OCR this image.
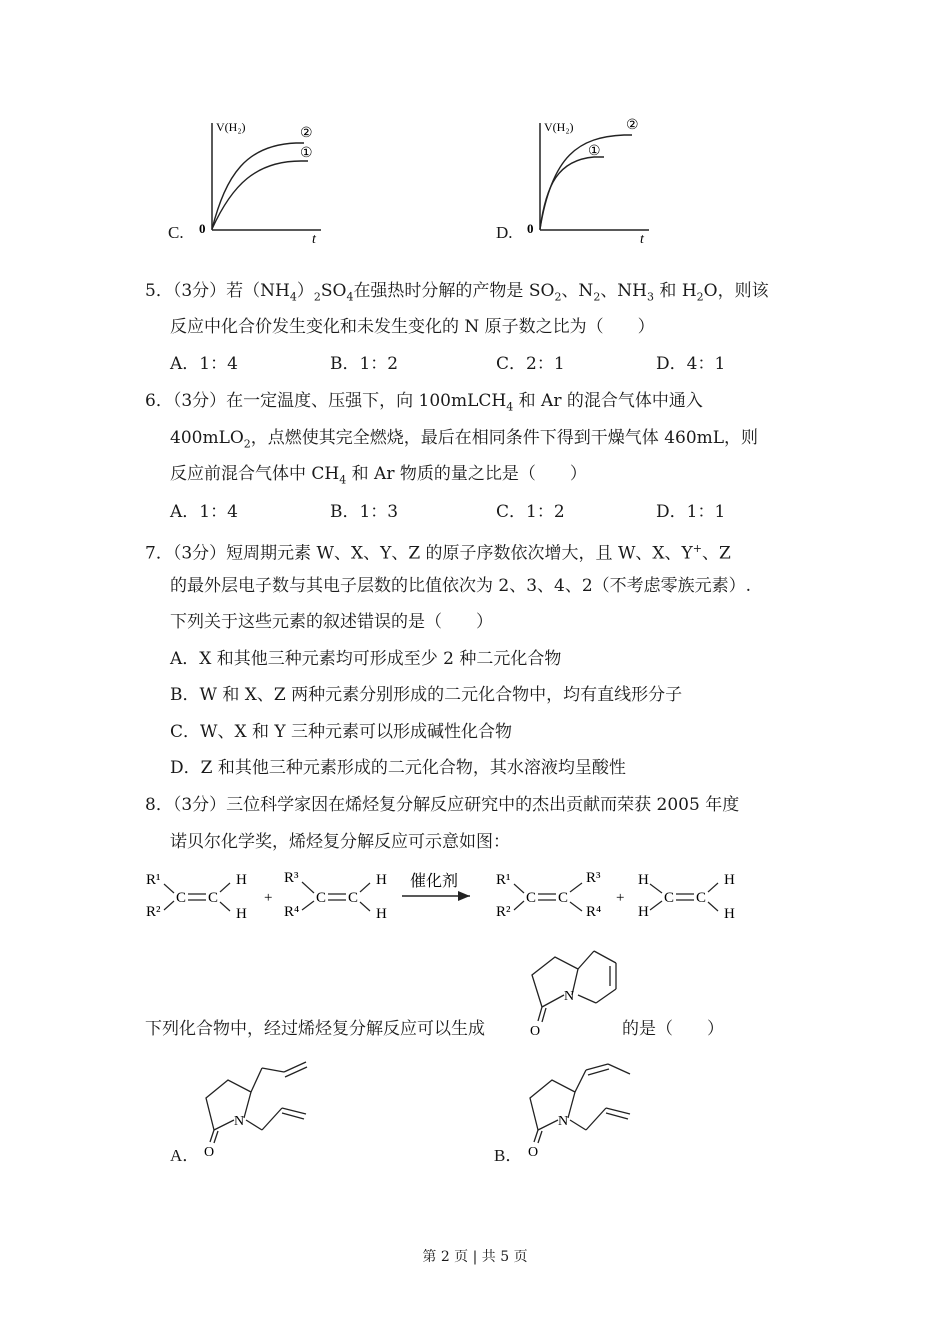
C.
V(H₂)
0
t
②
①
D.
V(H₂)
0
t
②
①
5．（3分）若$(NH_4)_2SO_4$在强热时分解的产物是 $SO_2$、$N_2$、$NH_3$ 和 $H_2O$，则该
反应中化合价发生变化和未发生变化的 N 原子数之比为（　　）
A．1：4	B．1：2	C．2：1	D．4：1
6．（3分）在一定温度、压强下，向 100mLCH$_4$ 和 Ar 的混合气体中通入
400mLO$_2$，点燃使其完全燃烧，最后在相同条件下得到干燥气体 460mL，则
反应前混合气体中 $CH_4$ 和 Ar 物质的量之比是（　　）
A．1：4	B．1：3	C．1：2	D．1：1
7．（3分）短周期元素 W、X、Y、Z 的原子序数依次增大，且 W、X、Y+、Z
的最外层电子数与其电子层数的比值依次为 2、3、4、2（不考虑零族元素）.
下列关于这些元素的叙述错误的是（　　）
A．X 和其他三种元素均可形成至少 2 种二元化合物
B．W 和 X、Z 两种元素分别形成的二元化合物中，均有直线形分子
C．W、X 和 Y 三种元素可以形成碱性化合物
D．Z 和其他三种元素形成的二元化合物，其水溶液均呈酸性
8．（3分）三位科学家因在烯烃复分解反应研究中的杰出贡献而荣获 2005 年度
诺贝尔化学奖，烯烃复分解反应可示意如图：
R¹
R²
C C
H
H
+
R³
R⁴
C C
H
H
催化剂	R¹
R²
C C
R³
R⁴
+
H
H
C C
H
H
N
O
下列化合物中，经过烯烃复分解反应可以生成	的是（　　）
A．
N
O	B．
N
O
第 2 页 | 共 5 页
